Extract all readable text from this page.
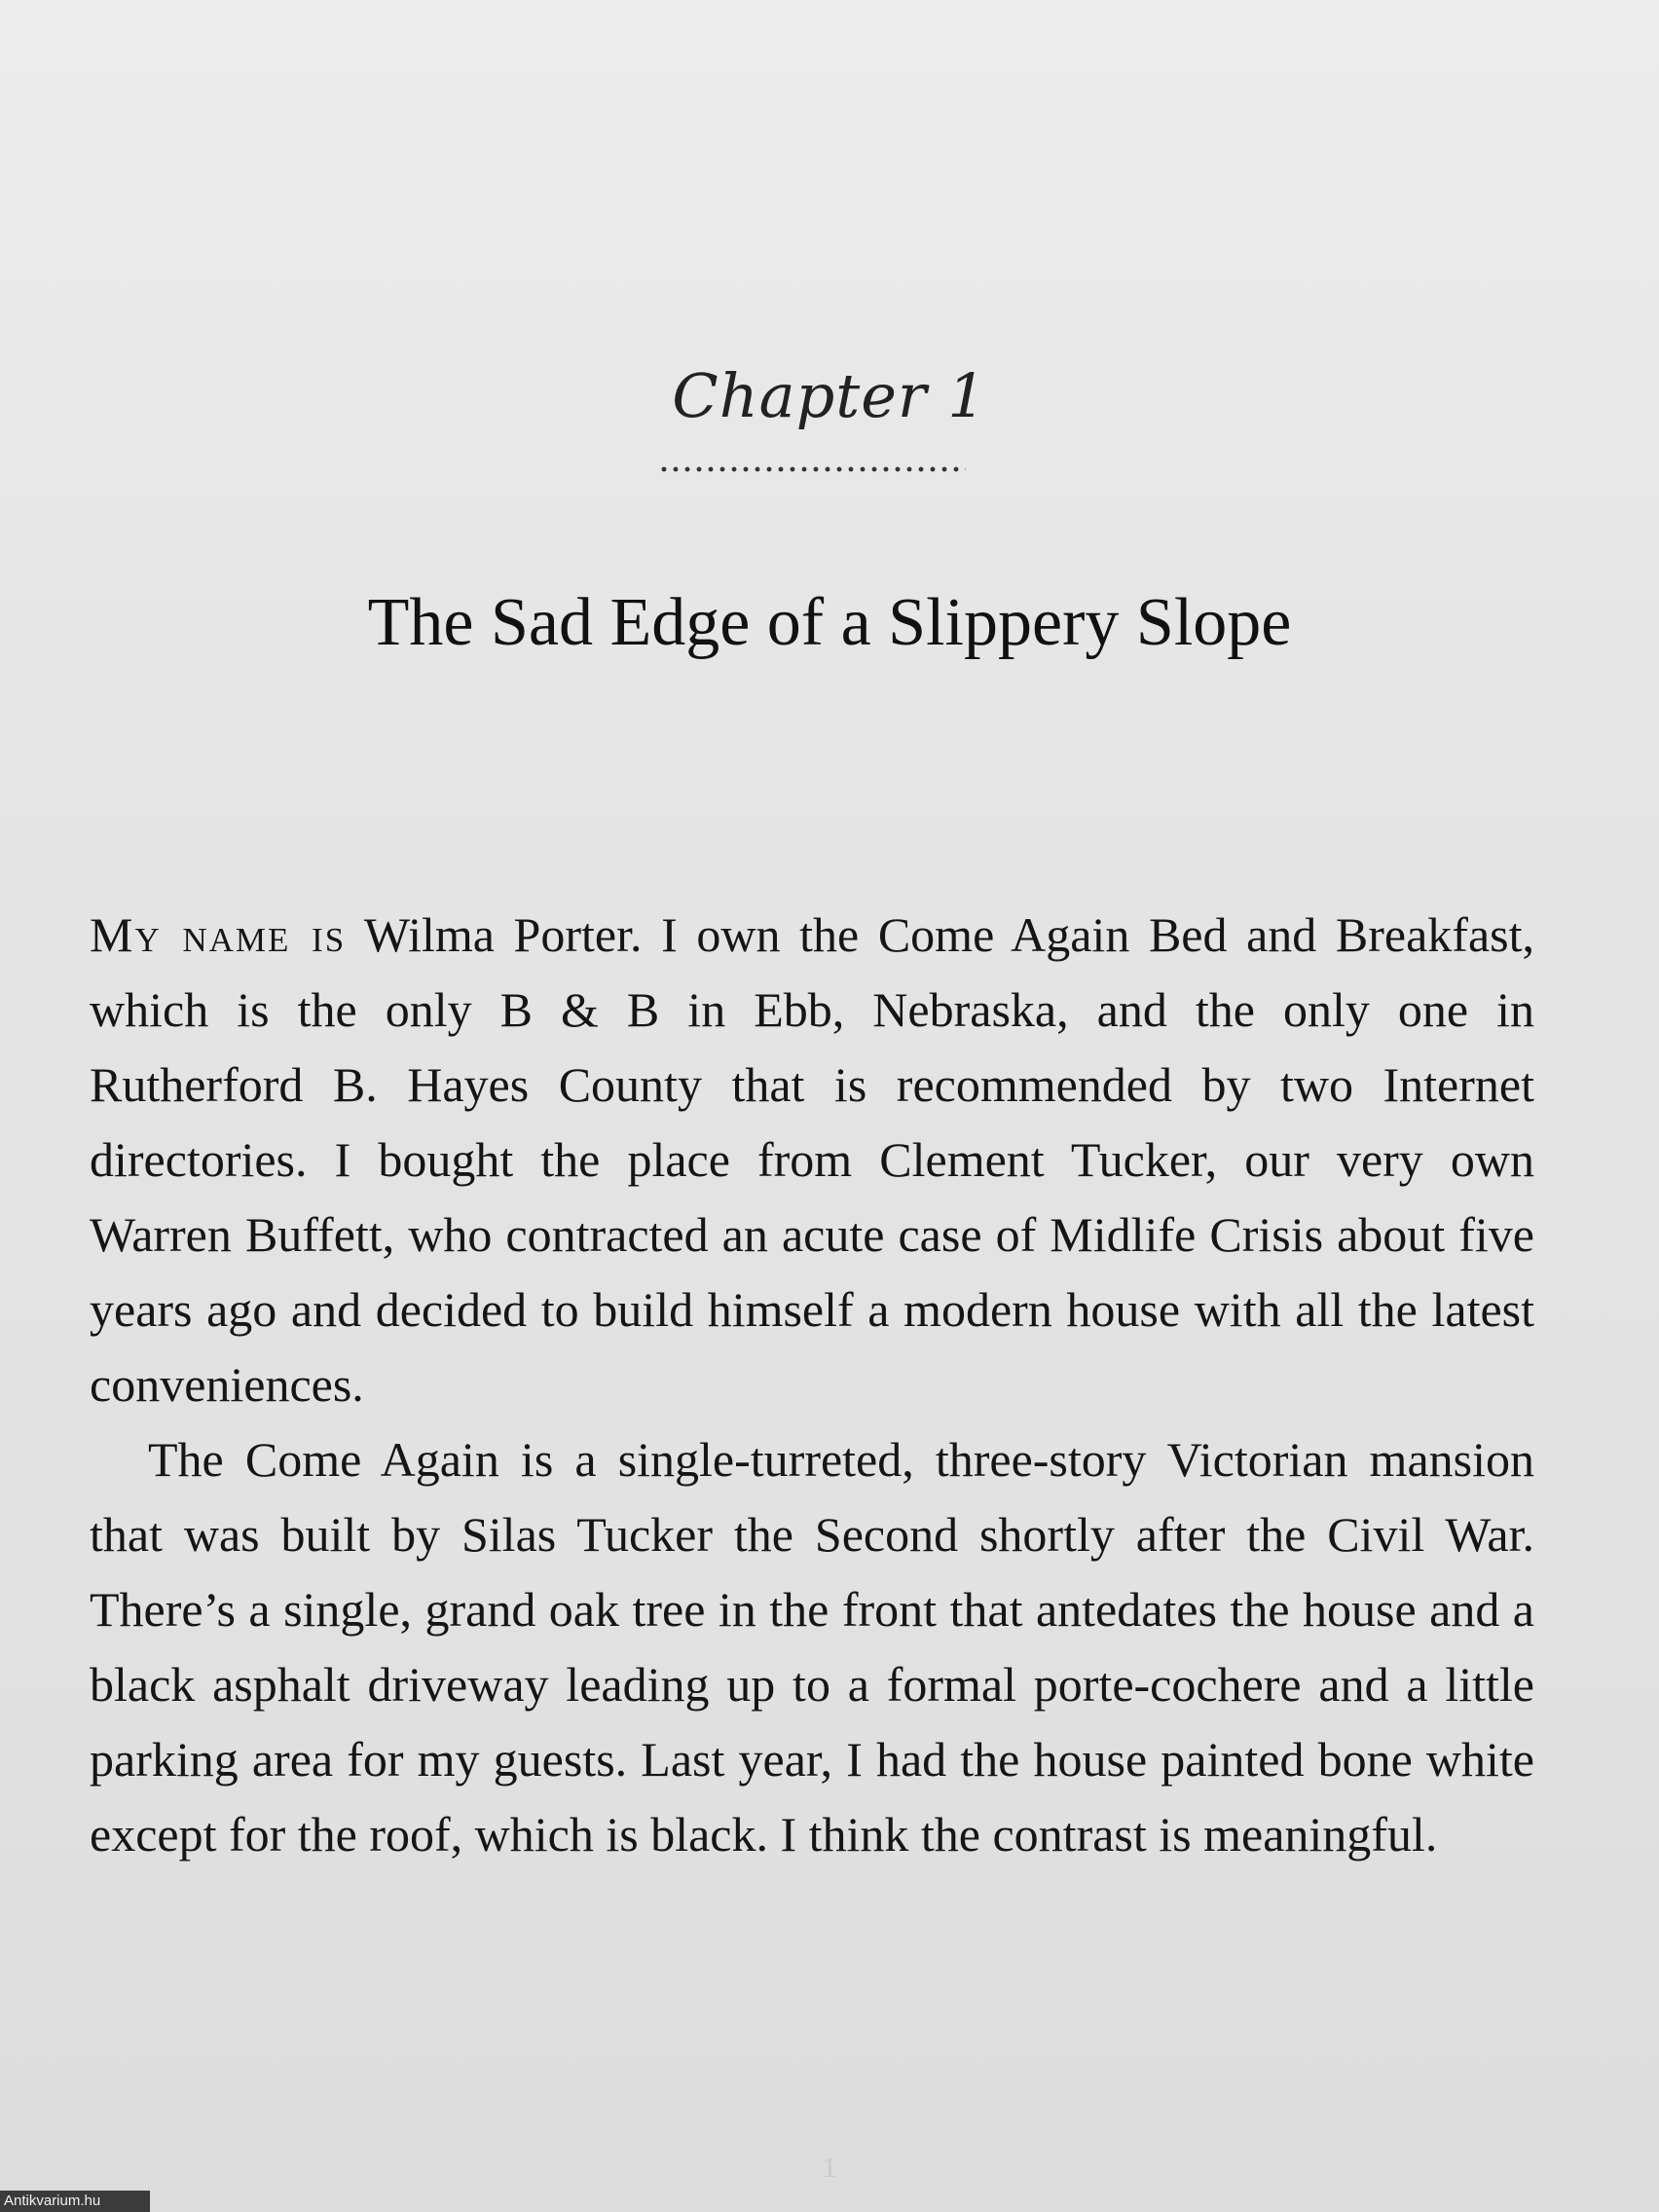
Chapter 1
The Sad Edge of a Slippery Slope

My name is Wilma Porter. I own the Come Again Bed and Breakfast, which is the only B & B in Ebb, Nebraska, and the only one in Rutherford B. Hayes County that is recommended by two Internet directories. I bought the place from Clement Tucker, our very own Warren Buffett, who contracted an acute case of Midlife Crisis about five years ago and decided to build himself a modern house with all the latest conveniences.

The Come Again is a single-turreted, three-story Victorian mansion that was built by Silas Tucker the Second shortly after the Civil War. There’s a single, grand oak tree in the front that antedates the house and a black asphalt driveway leading up to a formal porte-cochere and a little parking area for my guests. Last year, I had the house painted bone white except for the roof, which is black. I think the contrast is meaningful.

1
Antikvarium.hu
